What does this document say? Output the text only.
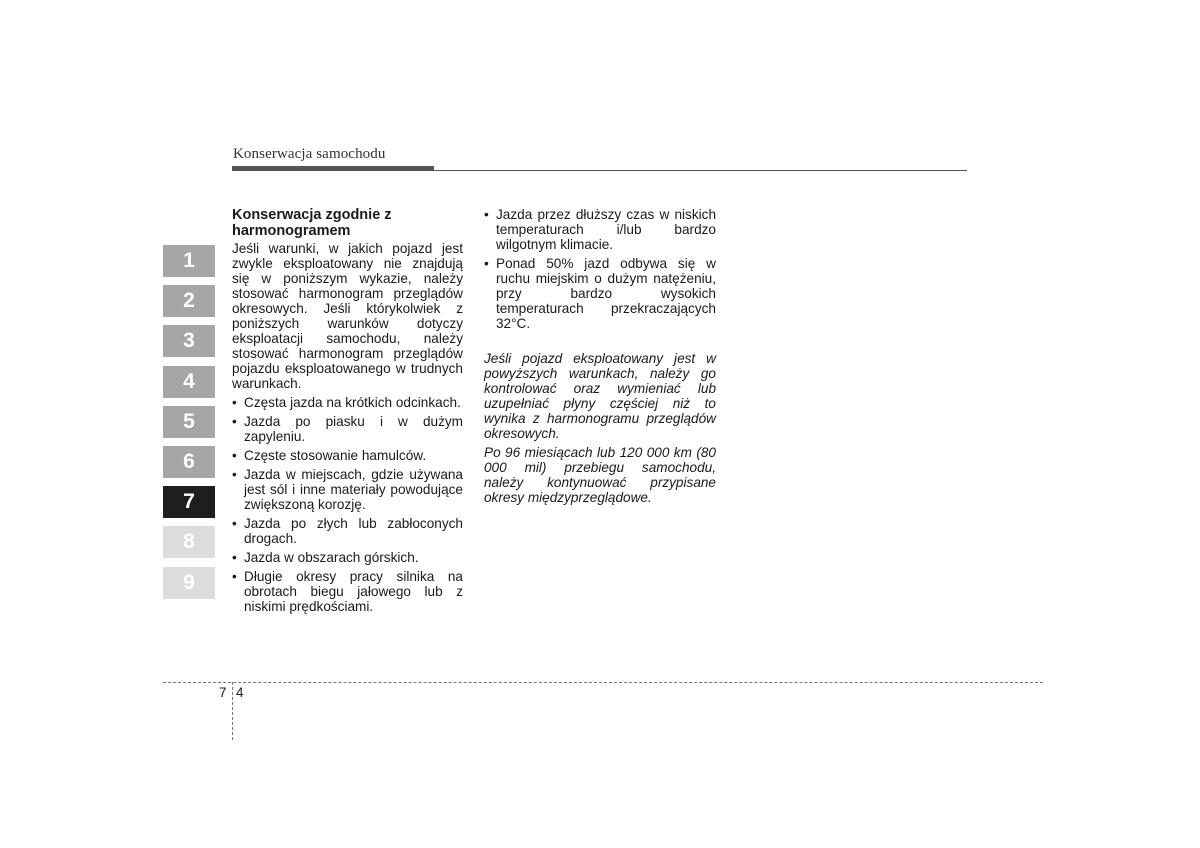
Konserwacja samochodu
1
2
3
4
5
6
7
8
9
Konserwacja zgodnie z harmonogramem

Jeśli warunki, w jakich pojazd jest zwykle eksploatowany nie znajdują się w poniższym wykazie, należy stosować harmonogram przeglądów okresowych. Jeśli którykolwiek z poniższych warunków dotyczy eksploatacji samochodu, należy stosować harmonogram przeglądów pojazdu eksploatowanego w trudnych warunkach.

• Częsta jazda na krótkich odcinkach.
• Jazda po piasku i w dużym zapyleniu.
• Częste stosowanie hamulców.
• Jazda w miejscach, gdzie używana jest sól i inne materiały powodujące zwiększoną korozję.
• Jazda po złych lub zabłoconych drogach.
• Jazda w obszarach górskich.
• Długie okresy pracy silnika na obrotach biegu jałowego lub z niskimi prędkościami.
• Jazda przez dłuższy czas w niskich temperaturach i/lub bardzo wilgotnym klimacie.
• Ponad 50% jazd odbywa się w ruchu miejskim o dużym natężeniu, przy bardzo wysokich temperaturach przekraczających 32°C.

Jeśli pojazd eksploatowany jest w powyższych warunkach, należy go kontrolować oraz wymieniać lub uzupełniać płyny częściej niż to wynika z harmonogramu przeglądów okresowych.

Po 96 miesiącach lub 120 000 km (80 000 mil) przebiegu samochodu, należy kontynuować przypisane okresy międzyprzeglądowe.

7 4
